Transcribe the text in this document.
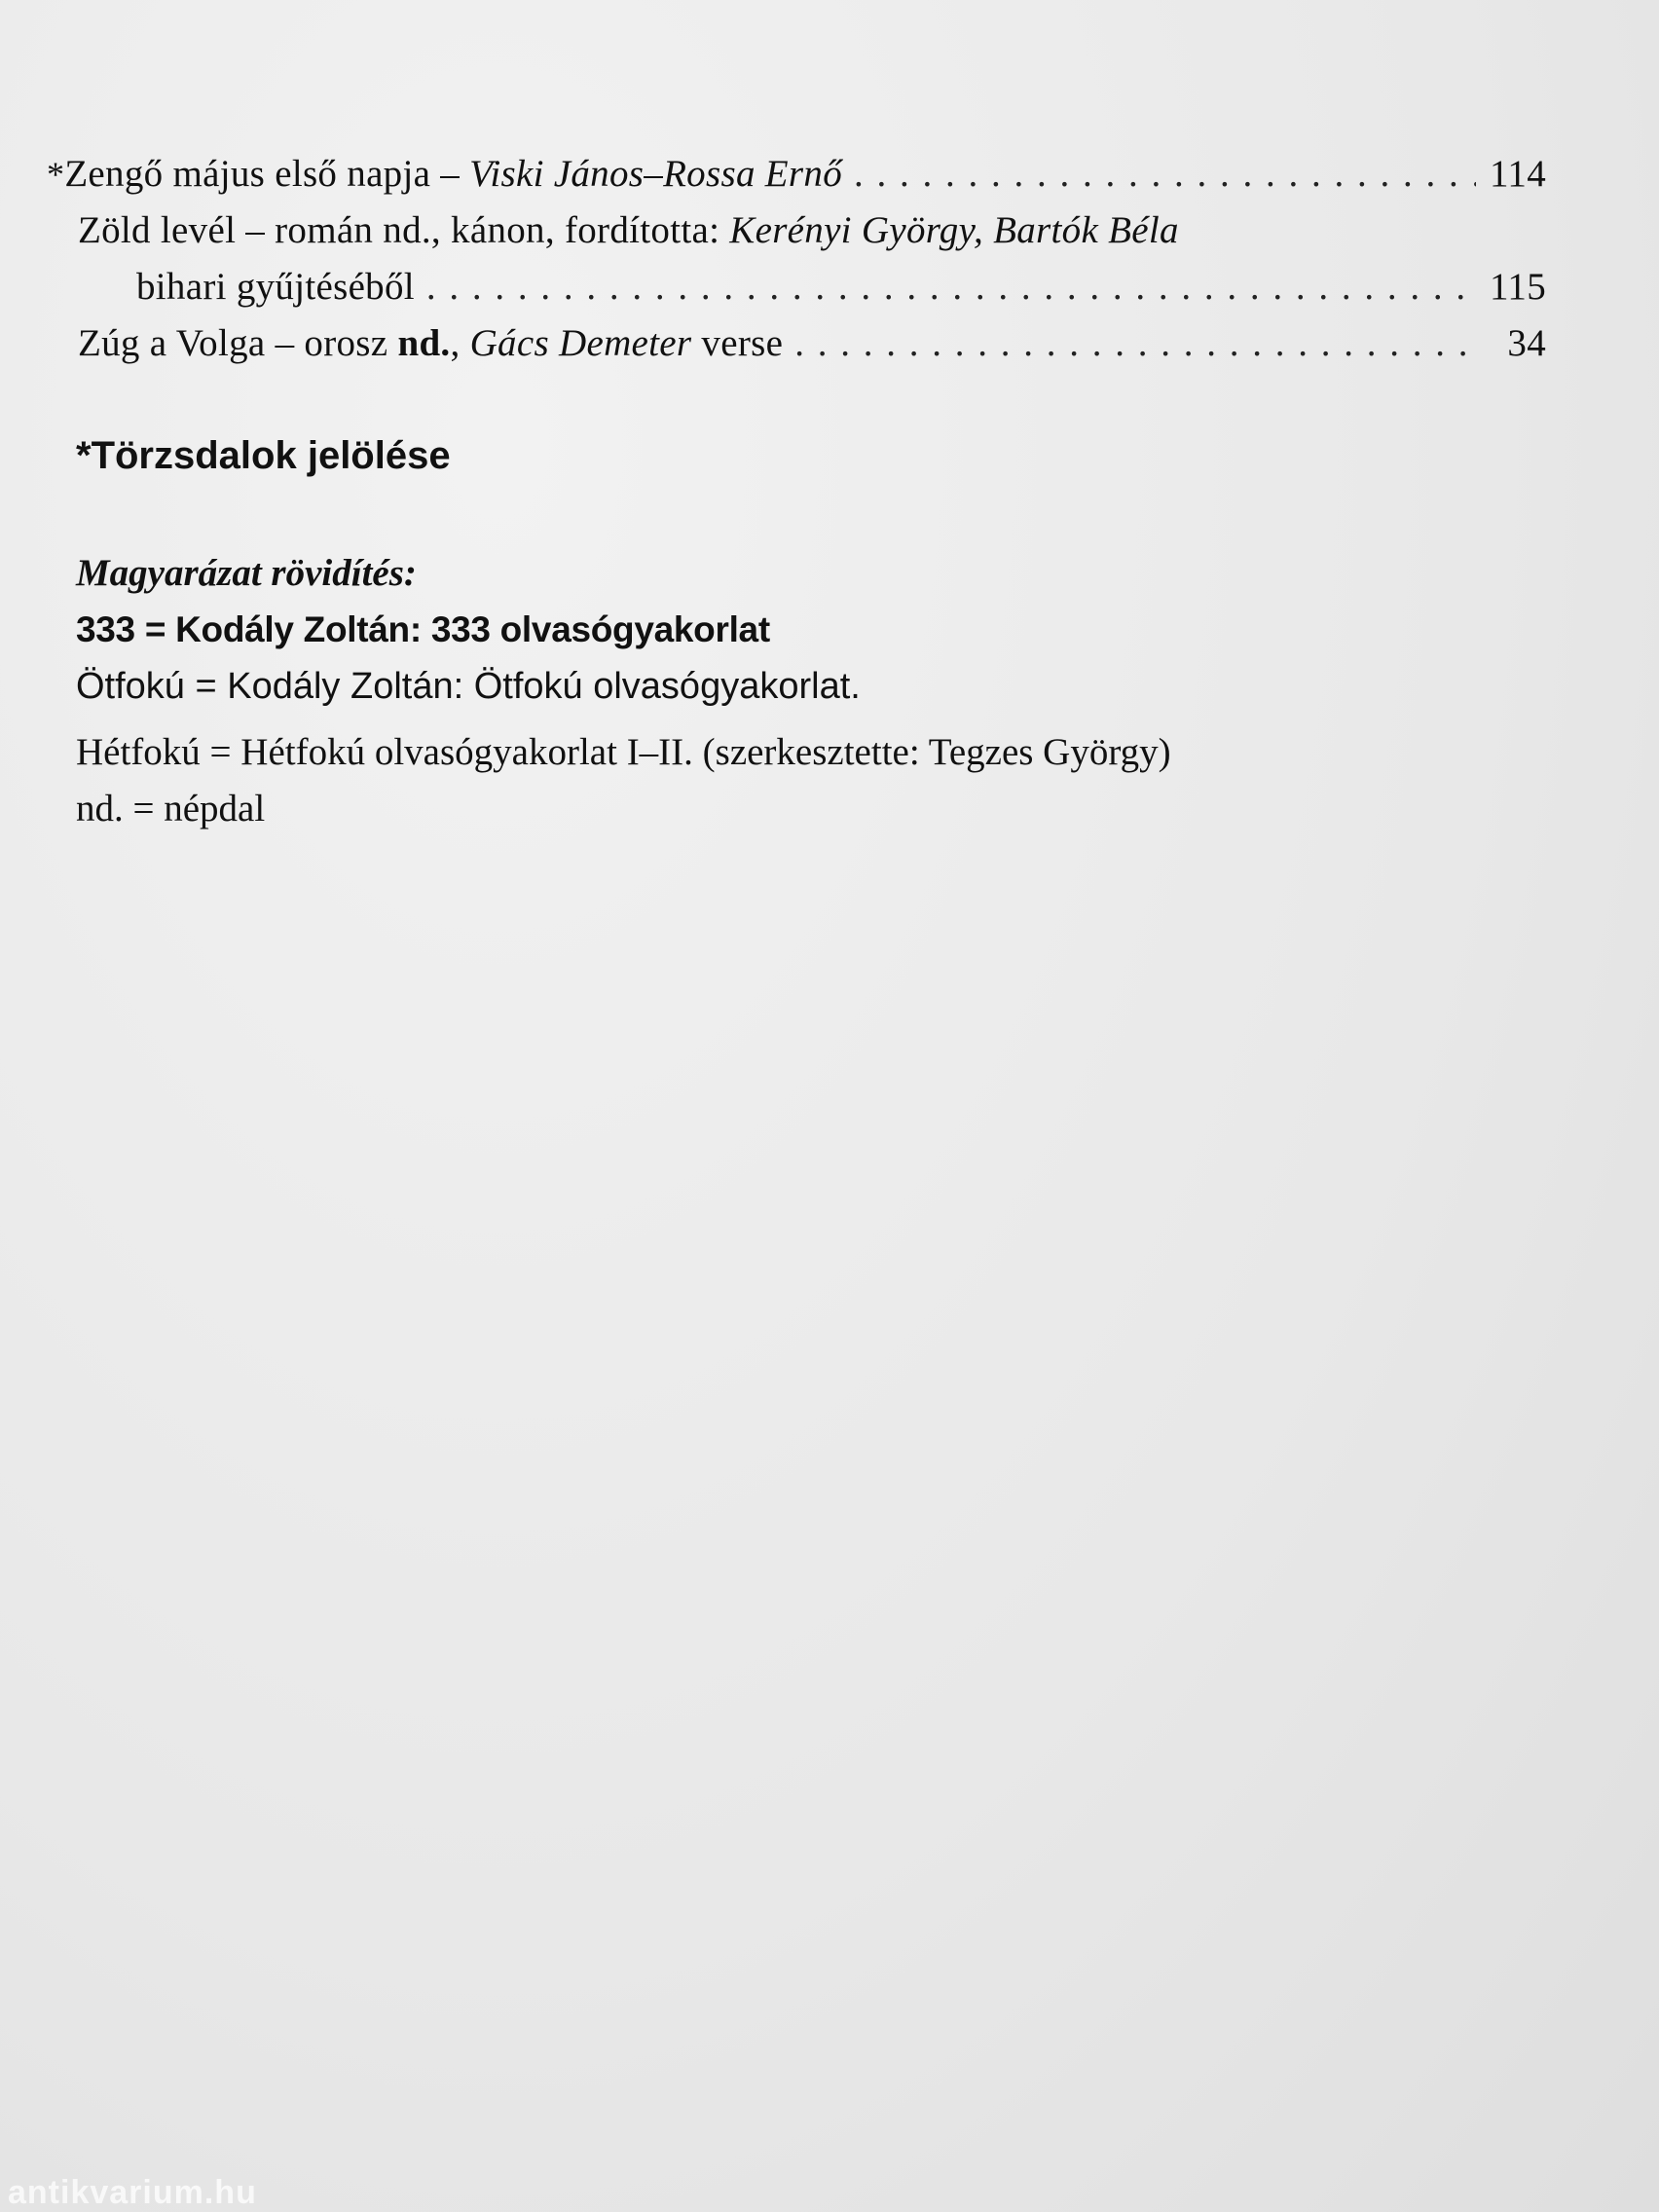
* Zengő május első napja – Viski János–Rossa Ernő . . .	114
Zöld levél – román nd., kánon, fordította : Kerényi György, Bartók Béla
bihari gyűjtéséből . . .	115
Zúg a Volga – orosz nd. , Gács Demeter verse . . .	34
*Törzsdalok jelölése
Magyarázat rövidítés:
333 = Kodály Zoltán: 333 olvasógyakorlat
Ötfokú = Kodály Zoltán: Ötfokú olvasógyakorlat.
Hétfokú = Hétfokú olvasógyakorlat I–II. (szerkesztette: Tegzes György)
nd. = népdal
antikvarium.hu
